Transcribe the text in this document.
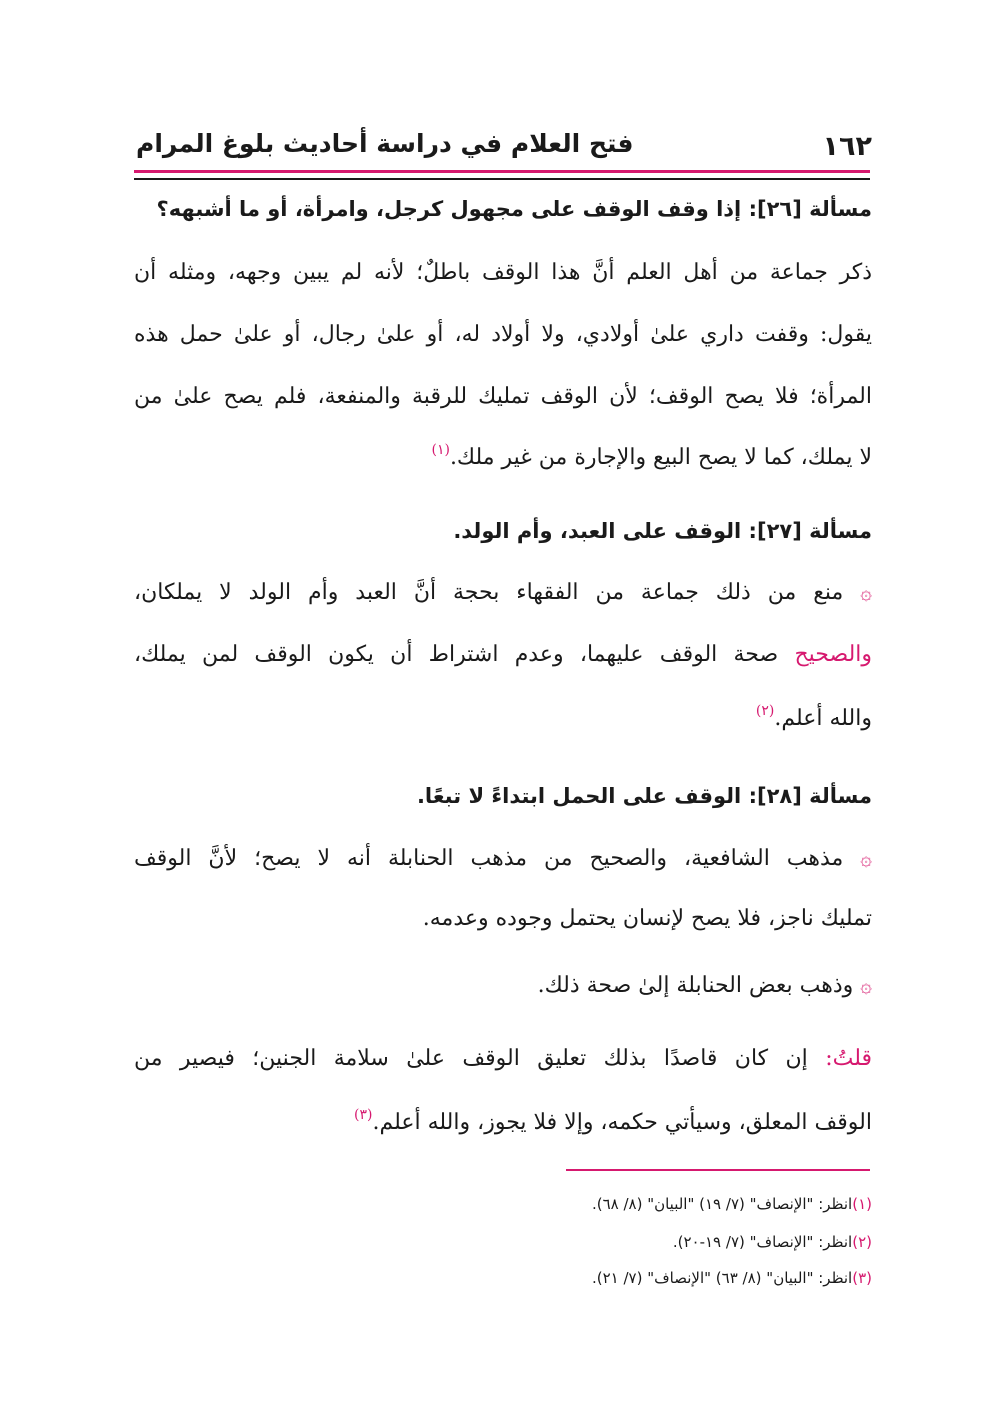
١٦٢
فتح العلام في دراسة أحاديث بلوغ المرام
مسألة [٢٦]: إذا وقف الوقف على مجهول كرجل، وامرأة، أو ما أشبهه؟
ذكر جماعة من أهل العلم أنَّ هذا الوقف باطلٌ؛ لأنه لم يبين وجهه، ومثله أن
يقول: وقفت داري علىٰ أولادي، ولا أولاد له، أو علىٰ رجال، أو علىٰ حمل هذه
المرأة؛ فلا يصح الوقف؛ لأن الوقف تمليك للرقبة والمنفعة، فلم يصح علىٰ من
لا يملك، كما لا يصح البيع والإجارة من غير ملك.$^{(١)}$
مسألة [٢٧]: الوقف على العبد، وأم الولد.
۞ منع من ذلك جماعة من الفقهاء بحجة أنَّ العبد وأم الولد لا يملكان،
والصحيح صحة الوقف عليهما، وعدم اشتراط أن يكون الوقف لمن يملك،
والله أعلم.$^{(٢)}$
مسألة [٢٨]: الوقف على الحمل ابتداءً لا تبعًا.
۞ مذهب الشافعية، والصحيح من مذهب الحنابلة أنه لا يصح؛ لأنَّ الوقف
تمليك ناجز، فلا يصح لإنسان يحتمل وجوده وعدمه.
۞ وذهب بعض الحنابلة إلىٰ صحة ذلك.
قلتُ: إن كان قاصدًا بذلك تعليق الوقف علىٰ سلامة الجنين؛ فيصير من
الوقف المعلق، وسيأتي حكمه، وإلا فلا يجوز، والله أعلم.$^{(٣)}$
(١)انظر: "الإنصاف" (٧/ ١٩) "البيان" (٨/ ٦٨).
(٢)انظر: "الإنصاف" (٧/ ١٩-٢٠).
(٣)انظر: "البيان" (٨/ ٦٣) "الإنصاف" (٧/ ٢١).
